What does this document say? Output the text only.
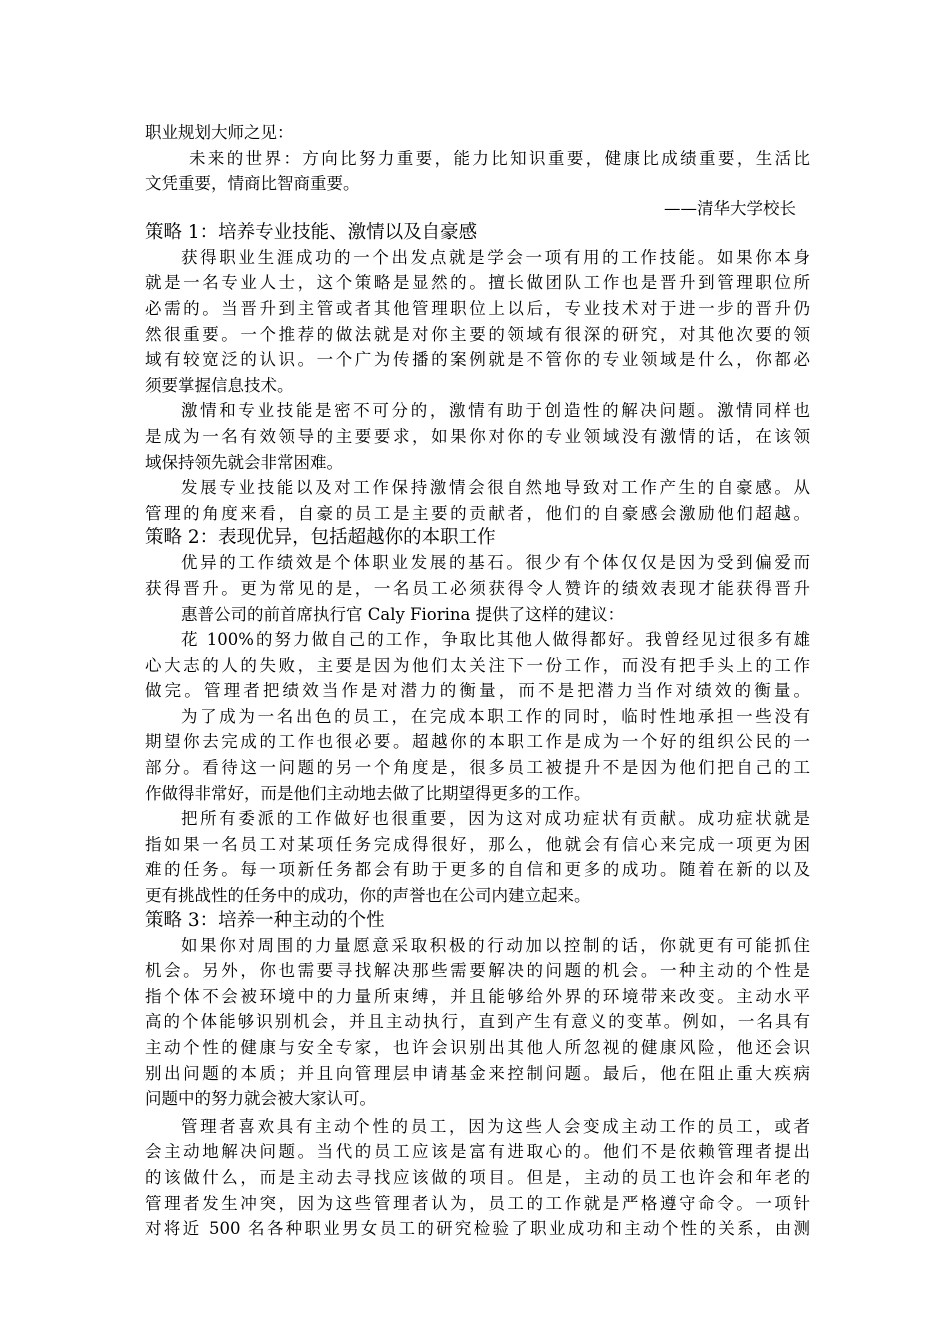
职业规划大师之见：
未来的世界：方向比努力重要，能力比知识重要，健康比成绩重要，生活比
文凭重要，情商比智商重要。
——清华大学校长
策略 1：培养专业技能、激情以及自豪感
获得职业生涯成功的一个出发点就是学会一项有用的工作技能。如果你本身
就是一名专业人士，这个策略是显然的。擅长做团队工作也是晋升到管理职位所
必需的。当晋升到主管或者其他管理职位上以后，专业技术对于进一步的晋升仍
然很重要。一个推荐的做法就是对你主要的领域有很深的研究，对其他次要的领
域有较宽泛的认识。一个广为传播的案例就是不管你的专业领域是什么，你都必
须要掌握信息技术。
激情和专业技能是密不可分的，激情有助于创造性的解决问题。激情同样也
是成为一名有效领导的主要要求，如果你对你的专业领域没有激情的话，在该领
域保持领先就会非常困难。
发展专业技能以及对工作保持激情会很自然地导致对工作产生的自豪感。从
管理的角度来看，自豪的员工是主要的贡献者，他们的自豪感会激励他们超越。
策略 2：表现优异，包括超越你的本职工作
优异的工作绩效是个体职业发展的基石。很少有个体仅仅是因为受到偏爱而
获得晋升。更为常见的是，一名员工必须获得令人赞许的绩效表现才能获得晋升
惠普公司的前首席执行官 Caly Fiorina 提供了这样的建议：
花 100%的努力做自己的工作，争取比其他人做得都好。我曾经见过很多有雄
心大志的人的失败，主要是因为他们太关注下一份工作，而没有把手头上的工作
做完。管理者把绩效当作是对潜力的衡量，而不是把潜力当作对绩效的衡量。
为了成为一名出色的员工，在完成本职工作的同时，临时性地承担一些没有
期望你去完成的工作也很必要。超越你的本职工作是成为一个好的组织公民的一
部分。看待这一问题的另一个角度是，很多员工被提升不是因为他们把自己的工
作做得非常好，而是他们主动地去做了比期望得更多的工作。
把所有委派的工作做好也很重要，因为这对成功症状有贡献。成功症状就是
指如果一名员工对某项任务完成得很好，那么，他就会有信心来完成一项更为困
难的任务。每一项新任务都会有助于更多的自信和更多的成功。随着在新的以及
更有挑战性的任务中的成功，你的声誉也在公司内建立起来。
策略 3：培养一种主动的个性
如果你对周围的力量愿意采取积极的行动加以控制的话，你就更有可能抓住
机会。另外，你也需要寻找解决那些需要解决的问题的机会。一种主动的个性是
指个体不会被环境中的力量所束缚，并且能够给外界的环境带来改变。主动水平
高的个体能够识别机会，并且主动执行，直到产生有意义的变革。例如，一名具有
主动个性的健康与安全专家，也许会识别出其他人所忽视的健康风险，他还会识
别出问题的本质；并且向管理层申请基金来控制问题。最后，他在阻止重大疾病
问题中的努力就会被大家认可。
管理者喜欢具有主动个性的员工，因为这些人会变成主动工作的员工，或者
会主动地解决问题。当代的员工应该是富有进取心的。他们不是依赖管理者提出
的该做什么，而是主动去寻找应该做的项目。但是，主动的员工也许会和年老的
管理者发生冲突，因为这些管理者认为，员工的工作就是严格遵守命令。一项针
对将近 500 名各种职业男女员工的研究检验了职业成功和主动个性的关系，由测
